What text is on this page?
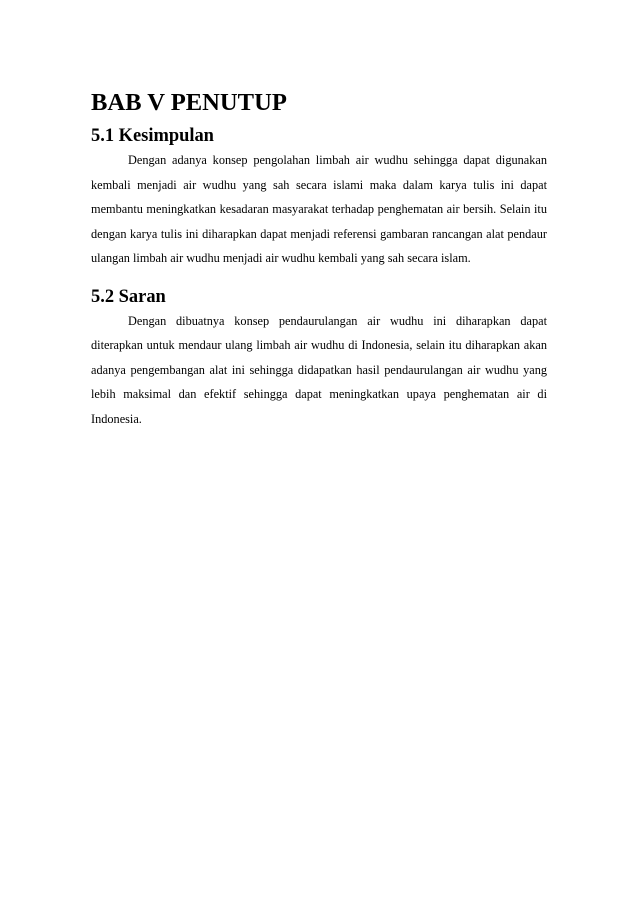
BAB V PENUTUP
5.1 Kesimpulan

Dengan adanya konsep pengolahan limbah air wudhu sehingga dapat digunakan kembali menjadi air wudhu yang sah secara islami maka dalam karya tulis ini dapat membantu meningkatkan kesadaran masyarakat terhadap penghematan air bersih. Selain itu dengan karya tulis ini diharapkan dapat menjadi referensi gambaran rancangan alat pendaur ulangan limbah air wudhu menjadi air wudhu kembali yang sah secara islam.

5.2 Saran

Dengan dibuatnya konsep pendaurulangan air wudhu ini diharapkan dapat diterapkan untuk mendaur ulang limbah air wudhu di Indonesia, selain itu diharapkan akan adanya pengembangan alat ini sehingga didapatkan hasil pendaurulangan air wudhu yang lebih maksimal dan efektif sehingga dapat meningkatkan upaya penghematan air di Indonesia.
